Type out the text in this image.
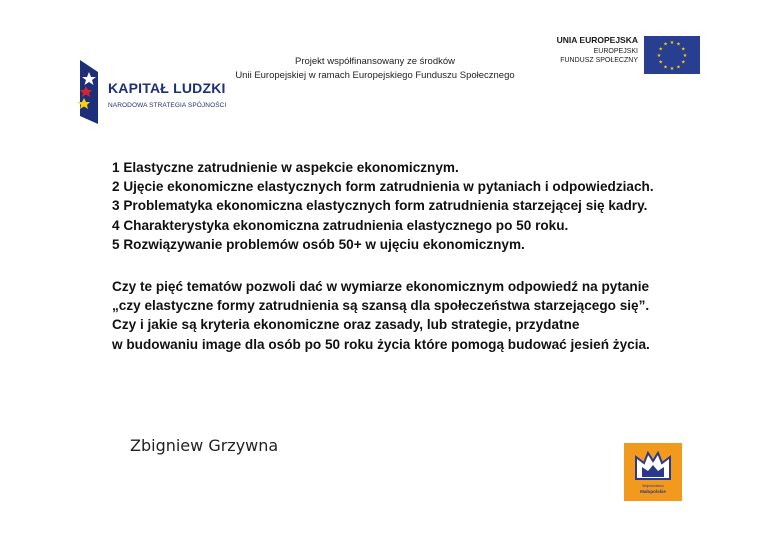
KAPITAŁ LUDZKI
NARODOWA STRATEGIA SPÓJNOŚCI
Projekt współfinansowany ze środków
Unii Europejskiej w ramach Europejskiego Funduszu Społecznego
UNIA EUROPEJSKA
EUROPEJSKI
FUNDUSZ SPOŁECZNY
★ ★
★
★
★
★
★
★
★
★
★
★
1 Elastyczne zatrudnienie w aspekcie ekonomicznym.
2 Ujęcie ekonomiczne elastycznych form zatrudnienia w pytaniach i odpowiedziach.
3 Problematyka ekonomiczna elastycznych form zatrudnienia starzejącej się kadry.
4 Charakterystyka ekonomiczna zatrudnienia elastycznego po 50 roku.
5 Rozwiązywanie problemów osób 50+ w ujęciu ekonomicznym.
Czy te pięć tematów pozwoli dać w wymiarze ekonomicznym odpowiedź na pytanie
„czy elastyczne formy zatrudnienia są szansą dla społeczeństwa starzejącego się”.
Czy i jakie są kryteria ekonomiczne oraz zasady, lub strategie, przydatne
w budowaniu image dla osób po 50 roku życia które pomogą budować jesień życia.
Zbigniew Grzywna
Województwo
Małopolskie
